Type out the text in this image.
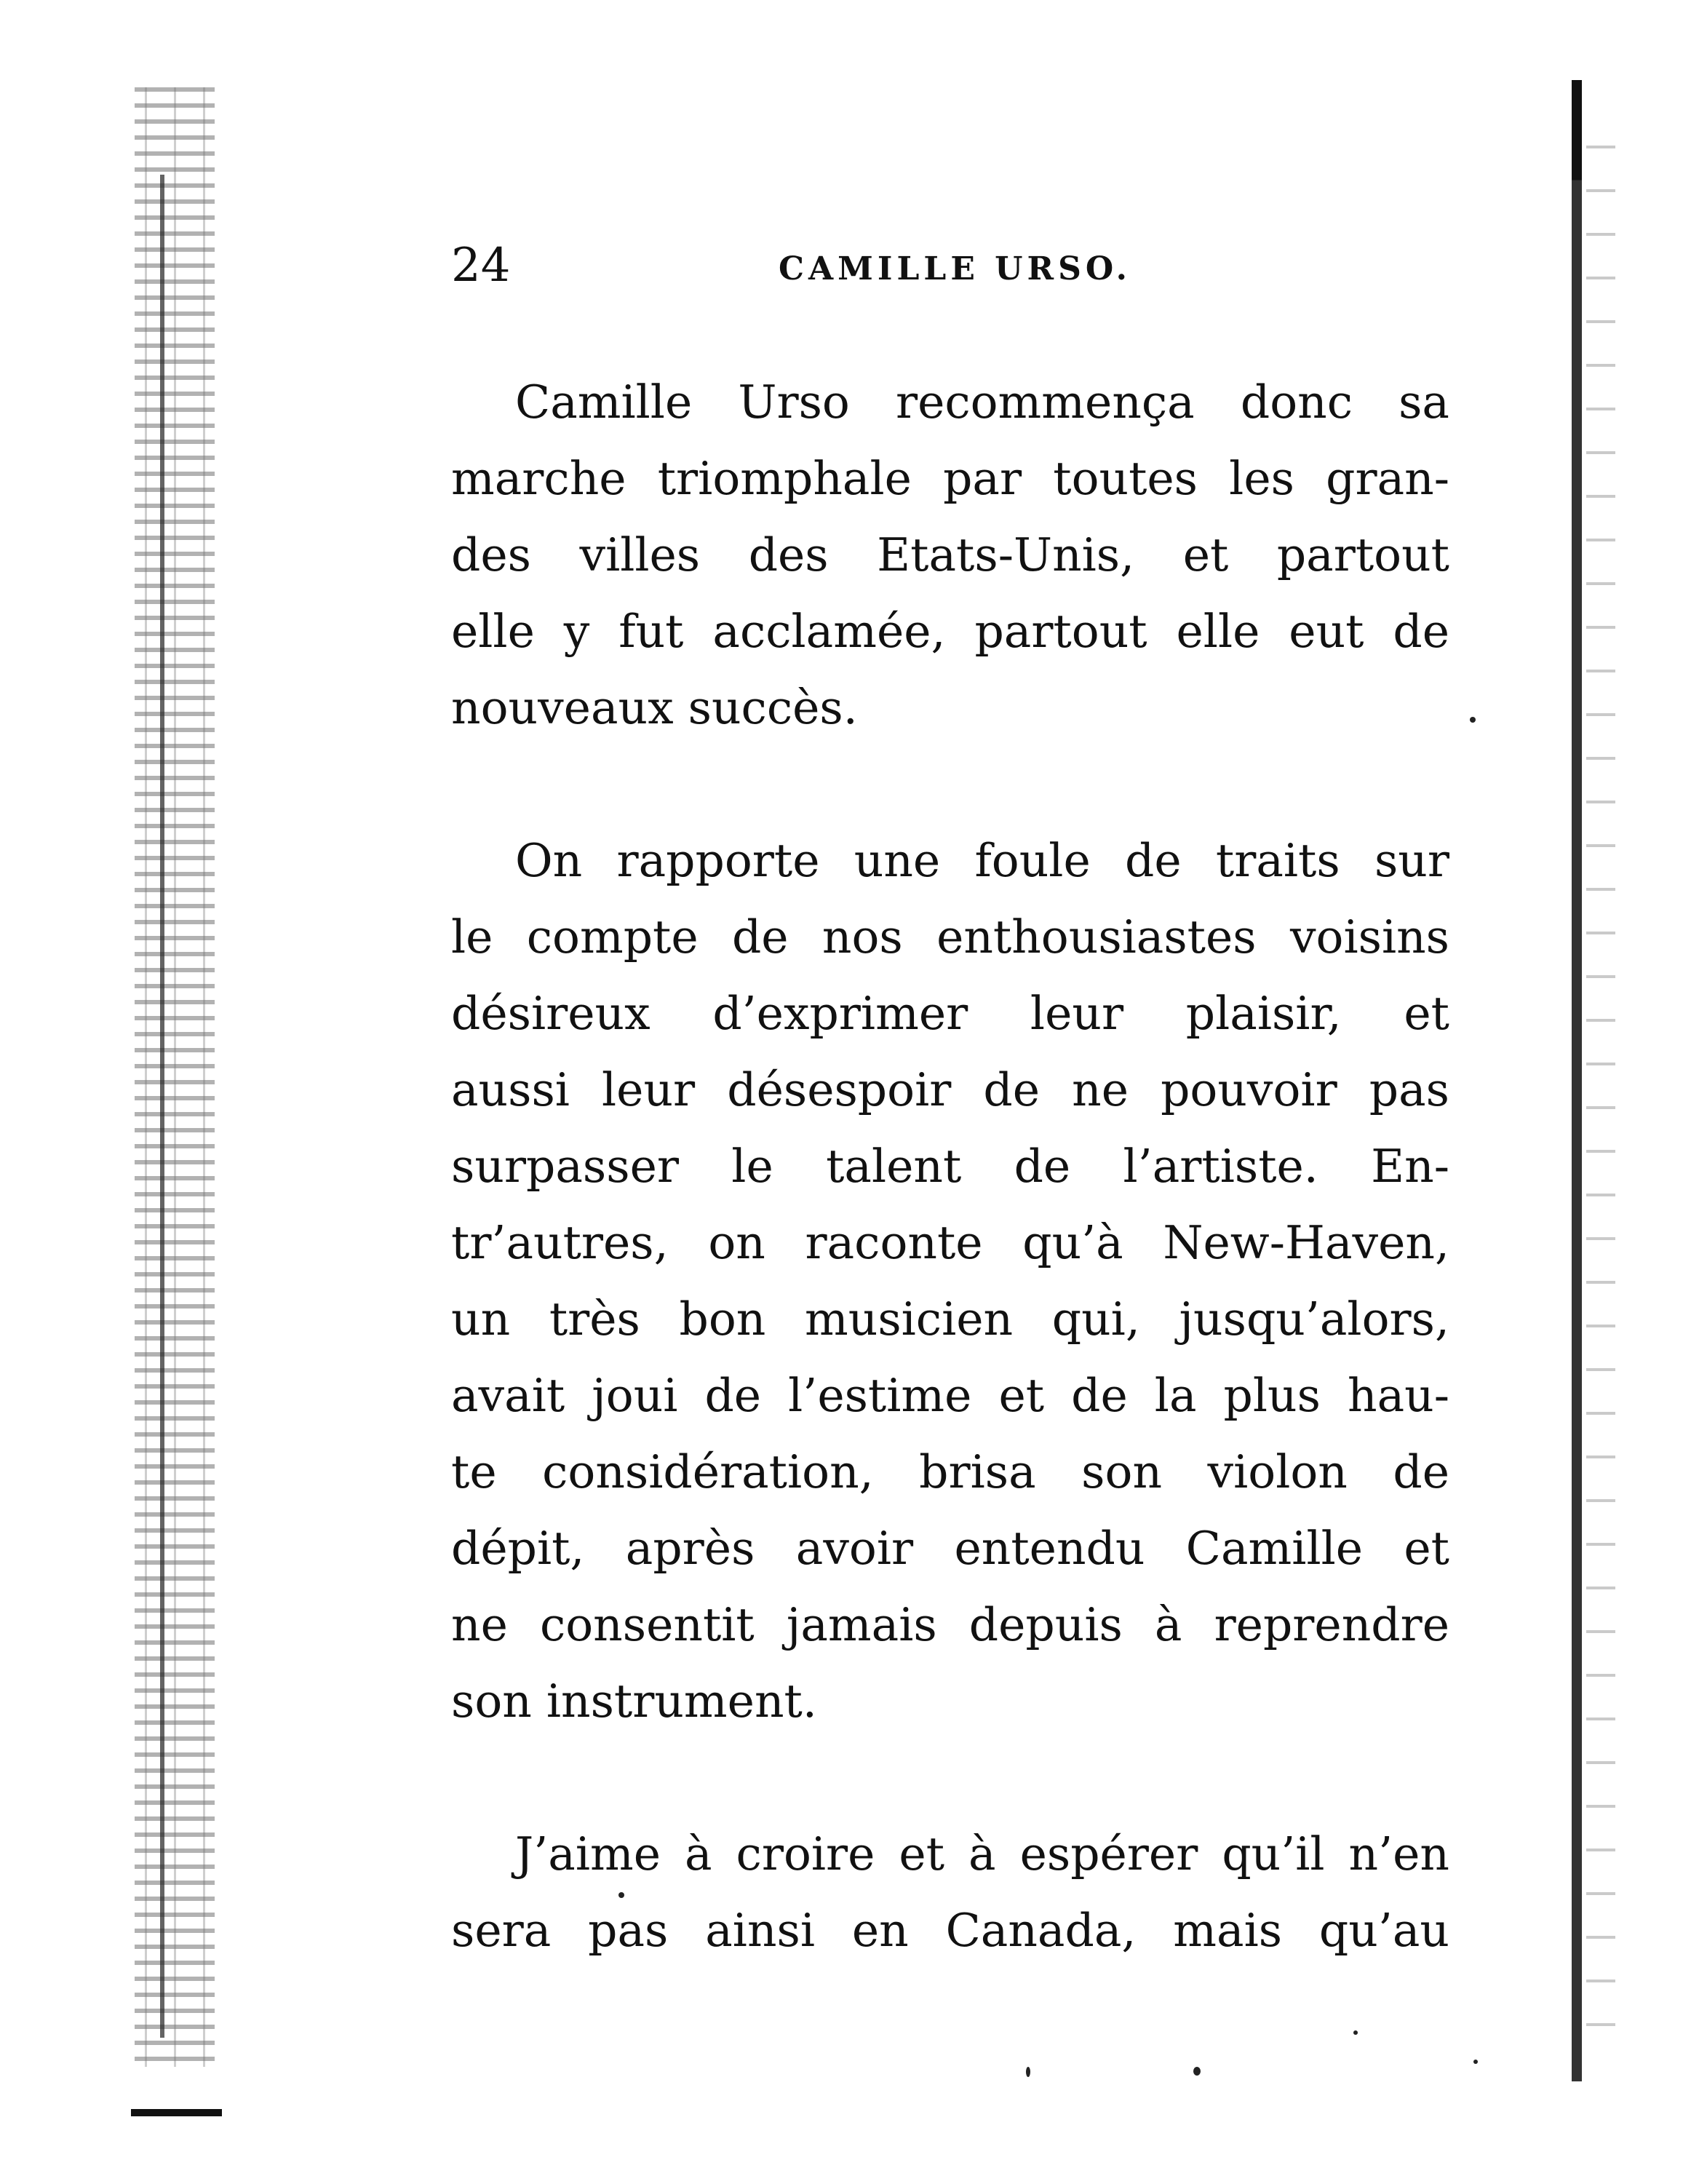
24	CAMILLE URSO.
Camille Urso recommença donc sa
marche triomphale par toutes les gran-
des villes des Etats-Unis, et partout
elle y fut acclamée, partout elle eut de
nouveaux succès.
On rapporte une foule de traits sur
le compte de nos enthousiastes voisins
désireux d’exprimer leur plaisir, et
aussi leur désespoir de ne pouvoir pas
surpasser le talent de l’artiste. En-
tr’autres, on raconte qu’à New-Haven,
un très bon musicien qui, jusqu’alors,
avait joui de l’estime et de la plus hau-
te considération, brisa son violon de
dépit, après avoir entendu Camille et
ne consentit jamais depuis à reprendre
son instrument.
J’aime à croire et à espérer qu’il n’en
sera pas ainsi en Canada, mais qu’au
